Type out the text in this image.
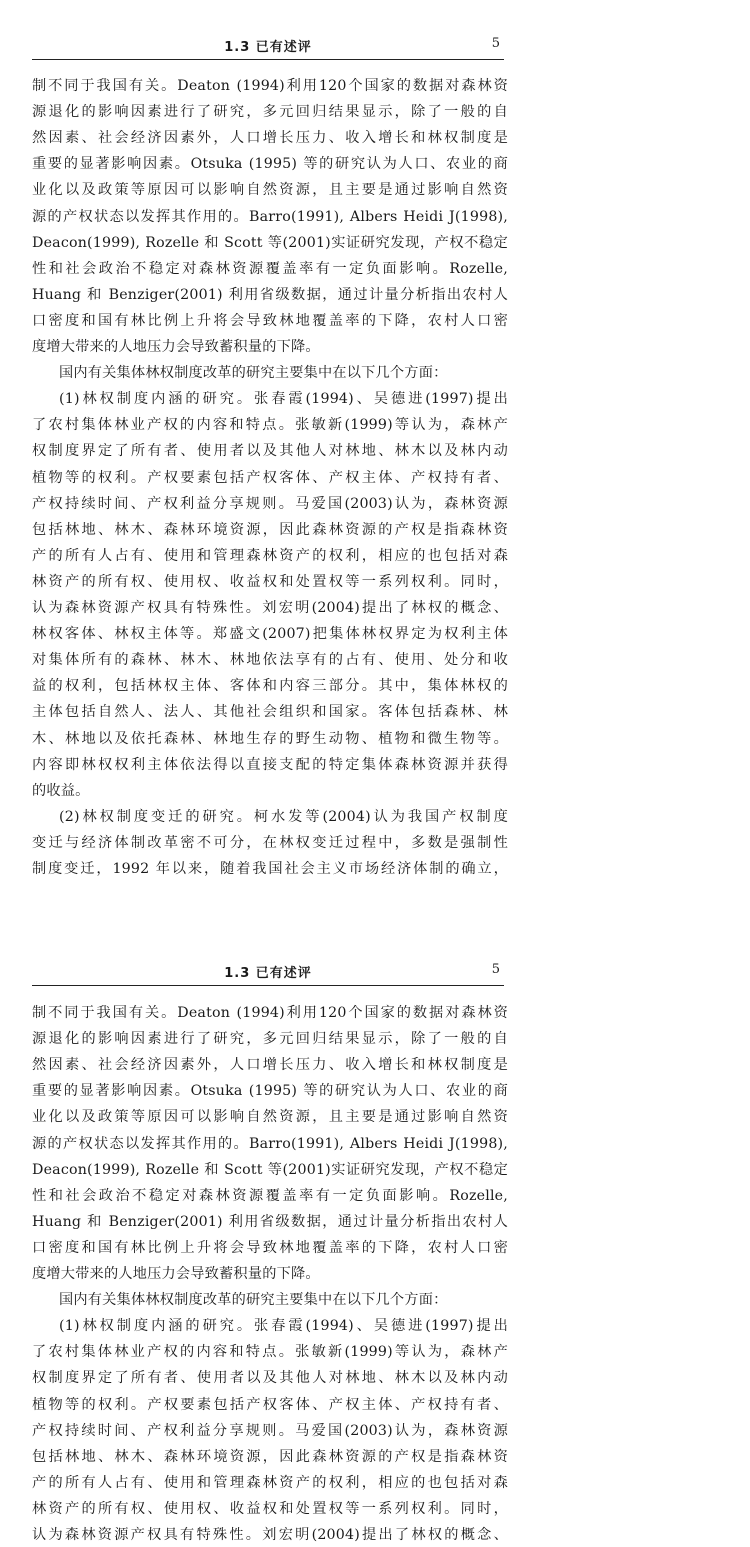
1.3 已有述评	5
制不同于我国有关。Deaton (1994)利用120个国家的数据对森林资
源退化的影响因素进行了研究，多元回归结果显示，除了一般的自
然因素、社会经济因素外，人口增长压力、收入增长和林权制度是
重要的显著影响因素。Otsuka (1995) 等的研究认为人口、农业的商
业化以及政策等原因可以影响自然资源，且主要是通过影响自然资
源的产权状态以发挥其作用的。Barro(1991), Albers Heidi J(1998),
Deacon(1999), Rozelle 和 Scott 等(2001)实证研究发现，产权不稳定
性和社会政治不稳定对森林资源覆盖率有一定负面影响。Rozelle,
Huang 和 Benziger(2001) 利用省级数据，通过计量分析指出农村人
口密度和国有林比例上升将会导致林地覆盖率的下降，农村人口密
度增大带来的人地压力会导致蓄积量的下降。
国内有关集体林权制度改革的研究主要集中在以下几个方面：
(1)林权制度内涵的研究。张春霞(1994)、吴德进(1997)提出
了农村集体林业产权的内容和特点。张敏新(1999)等认为，森林产
权制度界定了所有者、使用者以及其他人对林地、林木以及林内动
植物等的权利。产权要素包括产权客体、产权主体、产权持有者、
产权持续时间、产权利益分享规则。马爱国(2003)认为，森林资源
包括林地、林木、森林环境资源，因此森林资源的产权是指森林资
产的所有人占有、使用和管理森林资产的权利，相应的也包括对森
林资产的所有权、使用权、收益权和处置权等一系列权利。同时，
认为森林资源产权具有特殊性。刘宏明(2004)提出了林权的概念、
林权客体、林权主体等。郑盛文(2007)把集体林权界定为权利主体
对集体所有的森林、林木、林地依法享有的占有、使用、处分和收
益的权利，包括林权主体、客体和内容三部分。其中，集体林权的
主体包括自然人、法人、其他社会组织和国家。客体包括森林、林
木、林地以及依托森林、林地生存的野生动物、植物和微生物等。
内容即林权权利主体依法得以直接支配的特定集体森林资源并获得
的收益。
(2)林权制度变迁的研究。柯水发等(2004)认为我国产权制度
变迁与经济体制改革密不可分，在林权变迁过程中，多数是强制性
制度变迁，1992 年以来，随着我国社会主义市场经济体制的确立，
1.3 已有述评	5
制不同于我国有关。Deaton (1994)利用120个国家的数据对森林资
源退化的影响因素进行了研究，多元回归结果显示，除了一般的自
然因素、社会经济因素外，人口增长压力、收入增长和林权制度是
重要的显著影响因素。Otsuka (1995) 等的研究认为人口、农业的商
业化以及政策等原因可以影响自然资源，且主要是通过影响自然资
源的产权状态以发挥其作用的。Barro(1991), Albers Heidi J(1998),
Deacon(1999), Rozelle 和 Scott 等(2001)实证研究发现，产权不稳定
性和社会政治不稳定对森林资源覆盖率有一定负面影响。Rozelle,
Huang 和 Benziger(2001) 利用省级数据，通过计量分析指出农村人
口密度和国有林比例上升将会导致林地覆盖率的下降，农村人口密
度增大带来的人地压力会导致蓄积量的下降。
国内有关集体林权制度改革的研究主要集中在以下几个方面：
(1)林权制度内涵的研究。张春霞(1994)、吴德进(1997)提出
了农村集体林业产权的内容和特点。张敏新(1999)等认为，森林产
权制度界定了所有者、使用者以及其他人对林地、林木以及林内动
植物等的权利。产权要素包括产权客体、产权主体、产权持有者、
产权持续时间、产权利益分享规则。马爱国(2003)认为，森林资源
包括林地、林木、森林环境资源，因此森林资源的产权是指森林资
产的所有人占有、使用和管理森林资产的权利，相应的也包括对森
林资产的所有权、使用权、收益权和处置权等一系列权利。同时，
认为森林资源产权具有特殊性。刘宏明(2004)提出了林权的概念、
